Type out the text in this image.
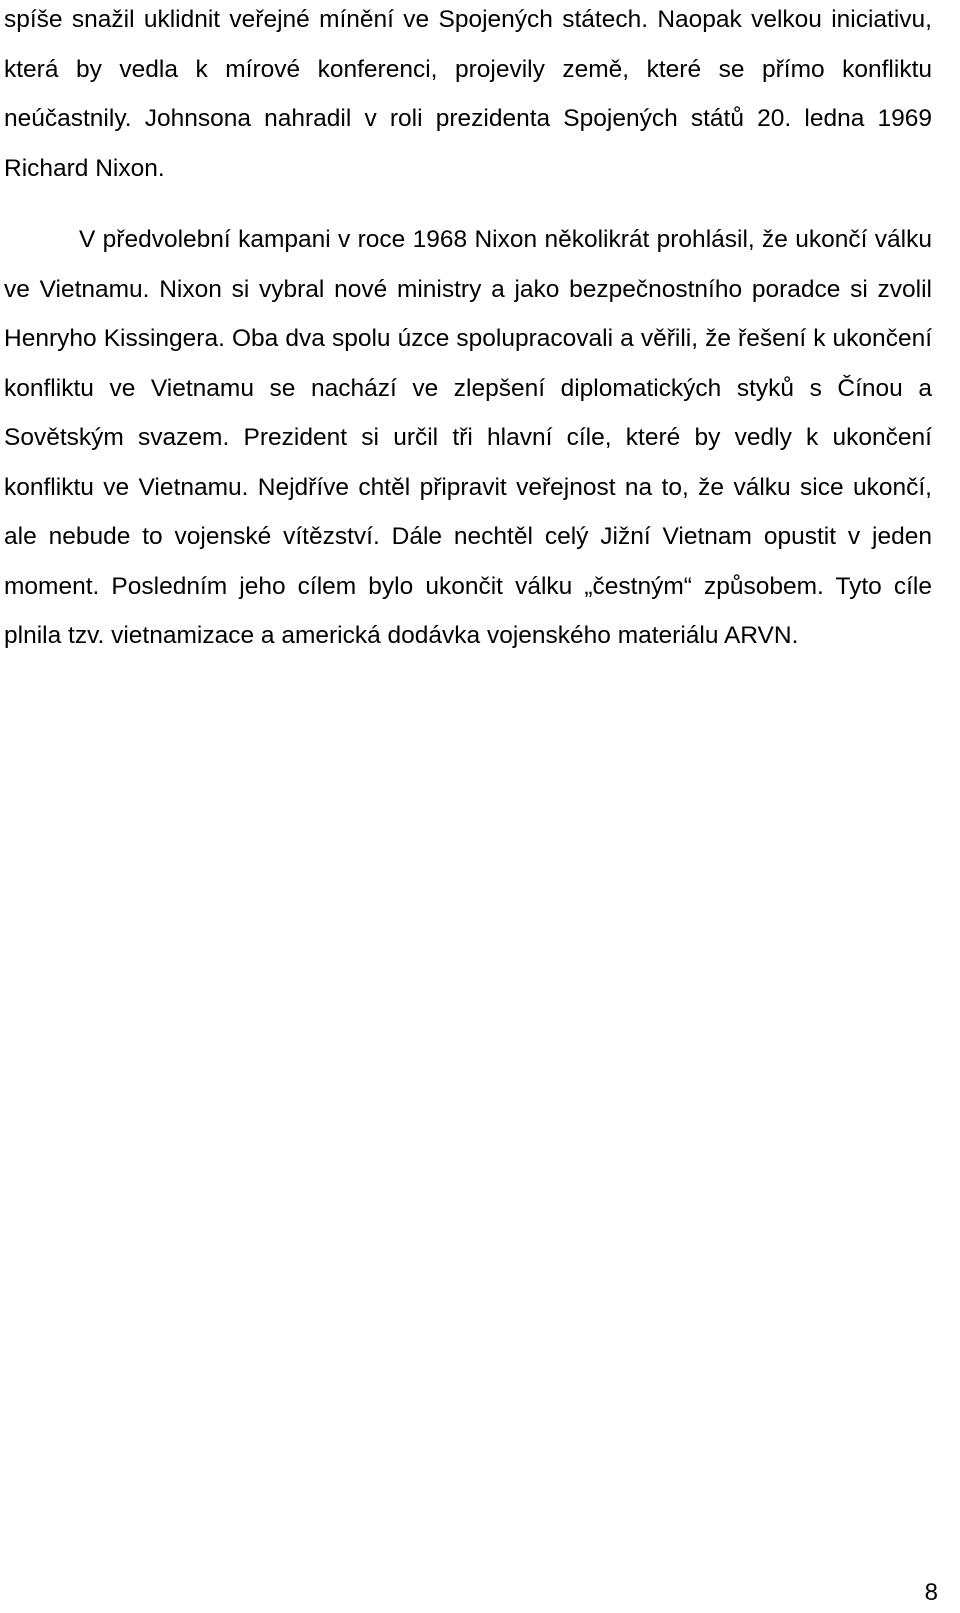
spíše snažil uklidnit veřejné mínění ve Spojených státech. Naopak velkou iniciativu, která by vedla k mírové konferenci, projevily země, které se přímo konfliktu neúčastnily. Johnsona nahradil v roli prezidenta Spojených států 20. ledna 1969 Richard Nixon.

V předvolební kampani v roce 1968 Nixon několikrát prohlásil, že ukončí válku ve Vietnamu. Nixon si vybral nové ministry a jako bezpečnostního poradce si zvolil Henryho Kissingera. Oba dva spolu úzce spolupracovali a věřili, že řešení k ukončení konfliktu ve Vietnamu se nachází ve zlepšení diplomatických styků s Čínou a Sovětským svazem. Prezident si určil tři hlavní cíle, které by vedly k ukončení konfliktu ve Vietnamu. Nejdříve chtěl připravit veřejnost na to, že válku sice ukončí, ale nebude to vojenské vítězství. Dále nechtěl celý Jižní Vietnam opustit v jeden moment. Posledním jeho cílem bylo ukončit válku „čestným“ způsobem. Tyto cíle plnila tzv. vietnamizace a americká dodávka vojenského materiálu ARVN.

8
